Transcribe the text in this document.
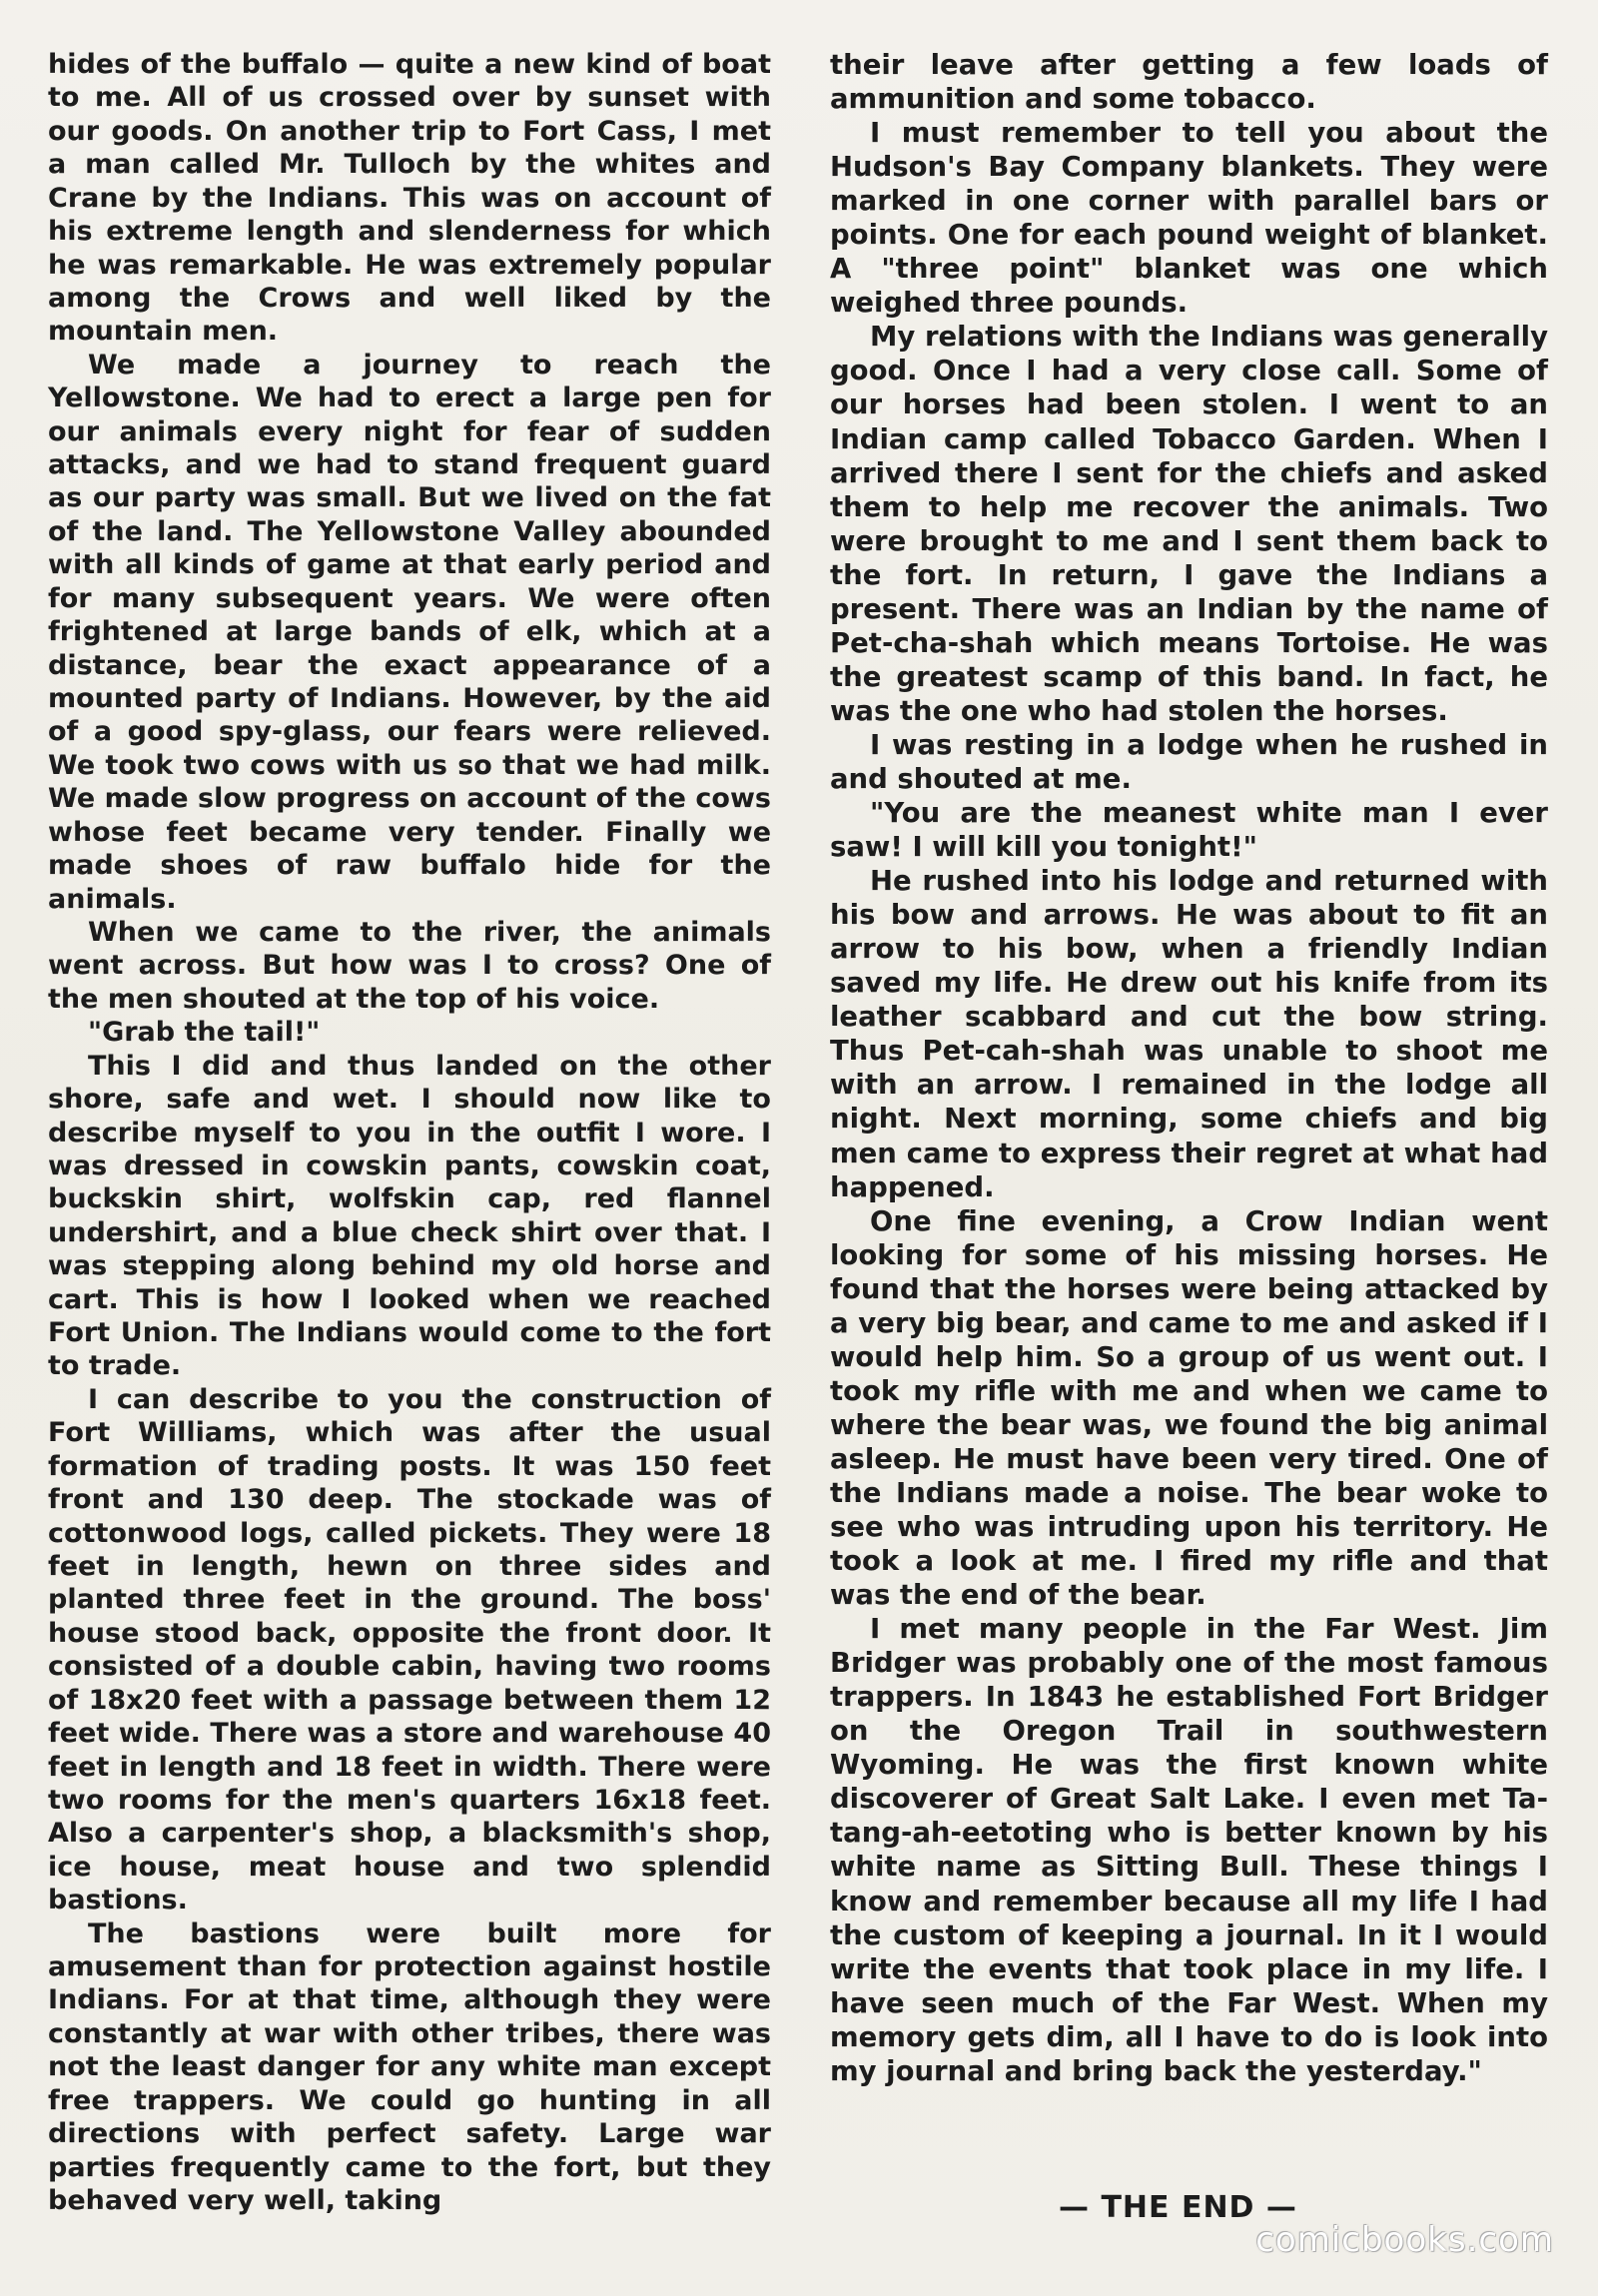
hides of the buffalo — quite a new kind of boat to me. All of us crossed over by sunset with our goods. On another trip to Fort Cass, I met a man called Mr. Tulloch by the whites and Crane by the Indians. This was on account of his extreme length and slenderness for which he was remarkable. He was extremely popular among the Crows and well liked by the mountain men.

We made a journey to reach the Yellowstone. We had to erect a large pen for our animals every night for fear of sudden attacks, and we had to stand frequent guard as our party was small. But we lived on the fat of the land. The Yellowstone Valley abounded with all kinds of game at that early period and for many subsequent years. We were often frightened at large bands of elk, which at a distance, bear the exact appearance of a mounted party of Indians. However, by the aid of a good spy-glass, our fears were relieved. We took two cows with us so that we had milk. We made slow progress on account of the cows whose feet became very tender. Finally we made shoes of raw buffalo hide for the animals.

When we came to the river, the animals went across. But how was I to cross? One of the men shouted at the top of his voice.

"Grab the tail!"

This I did and thus landed on the other shore, safe and wet. I should now like to describe myself to you in the outfit I wore. I was dressed in cowskin pants, cowskin coat, buckskin shirt, wolfskin cap, red flannel undershirt, and a blue check shirt over that. I was stepping along behind my old horse and cart. This is how I looked when we reached Fort Union. The Indians would come to the fort to trade.

I can describe to you the construction of Fort Williams, which was after the usual formation of trading posts. It was 150 feet front and 130 deep. The stockade was of cottonwood logs, called pickets. They were 18 feet in length, hewn on three sides and planted three feet in the ground. The boss' house stood back, opposite the front door. It consisted of a double cabin, having two rooms of 18x20 feet with a passage between them 12 feet wide. There was a store and warehouse 40 feet in length and 18 feet in width. There were two rooms for the men's quarters 16x18 feet. Also a carpenter's shop, a blacksmith's shop, ice house, meat house and two splendid bastions.

The bastions were built more for amusement than for protection against hostile Indians. For at that time, although they were constantly at war with other tribes, there was not the least danger for any white man except free trappers. We could go hunting in all directions with perfect safety. Large war parties frequently came to the fort, but they behaved very well, taking

their leave after getting a few loads of ammunition and some tobacco.

I must remember to tell you about the Hudson's Bay Company blankets. They were marked in one corner with parallel bars or points. One for each pound weight of blanket. A "three point" blanket was one which weighed three pounds.

My relations with the Indians was generally good. Once I had a very close call. Some of our horses had been stolen. I went to an Indian camp called Tobacco Garden. When I arrived there I sent for the chiefs and asked them to help me recover the animals. Two were brought to me and I sent them back to the fort. In return, I gave the Indians a present. There was an Indian by the name of Pet-cha-shah which means Tortoise. He was the greatest scamp of this band. In fact, he was the one who had stolen the horses.

I was resting in a lodge when he rushed in and shouted at me.

"You are the meanest white man I ever saw! I will kill you tonight!"

He rushed into his lodge and returned with his bow and arrows. He was about to fit an arrow to his bow, when a friendly Indian saved my life. He drew out his knife from its leather scabbard and cut the bow string. Thus Pet-cah-shah was unable to shoot me with an arrow. I remained in the lodge all night. Next morning, some chiefs and big men came to express their regret at what had happened.

One fine evening, a Crow Indian went looking for some of his missing horses. He found that the horses were being attacked by a very big bear, and came to me and asked if I would help him. So a group of us went out. I took my rifle with me and when we came to where the bear was, we found the big animal asleep. He must have been very tired. One of the Indians made a noise. The bear woke to see who was intruding upon his territory. He took a look at me. I fired my rifle and that was the end of the bear.

I met many people in the Far West. Jim Bridger was probably one of the most famous trappers. In 1843 he established Fort Bridger on the Oregon Trail in southwestern Wyoming. He was the first known white discoverer of Great Salt Lake. I even met Ta-tang-ah-eetoting who is better known by his white name as Sitting Bull. These things I know and remember because all my life I had the custom of keeping a journal. In it I would write the events that took place in my life. I have seen much of the Far West. When my memory gets dim, all I have to do is look into my journal and bring back the yesterday."

— THE END —
comicbooks.com
